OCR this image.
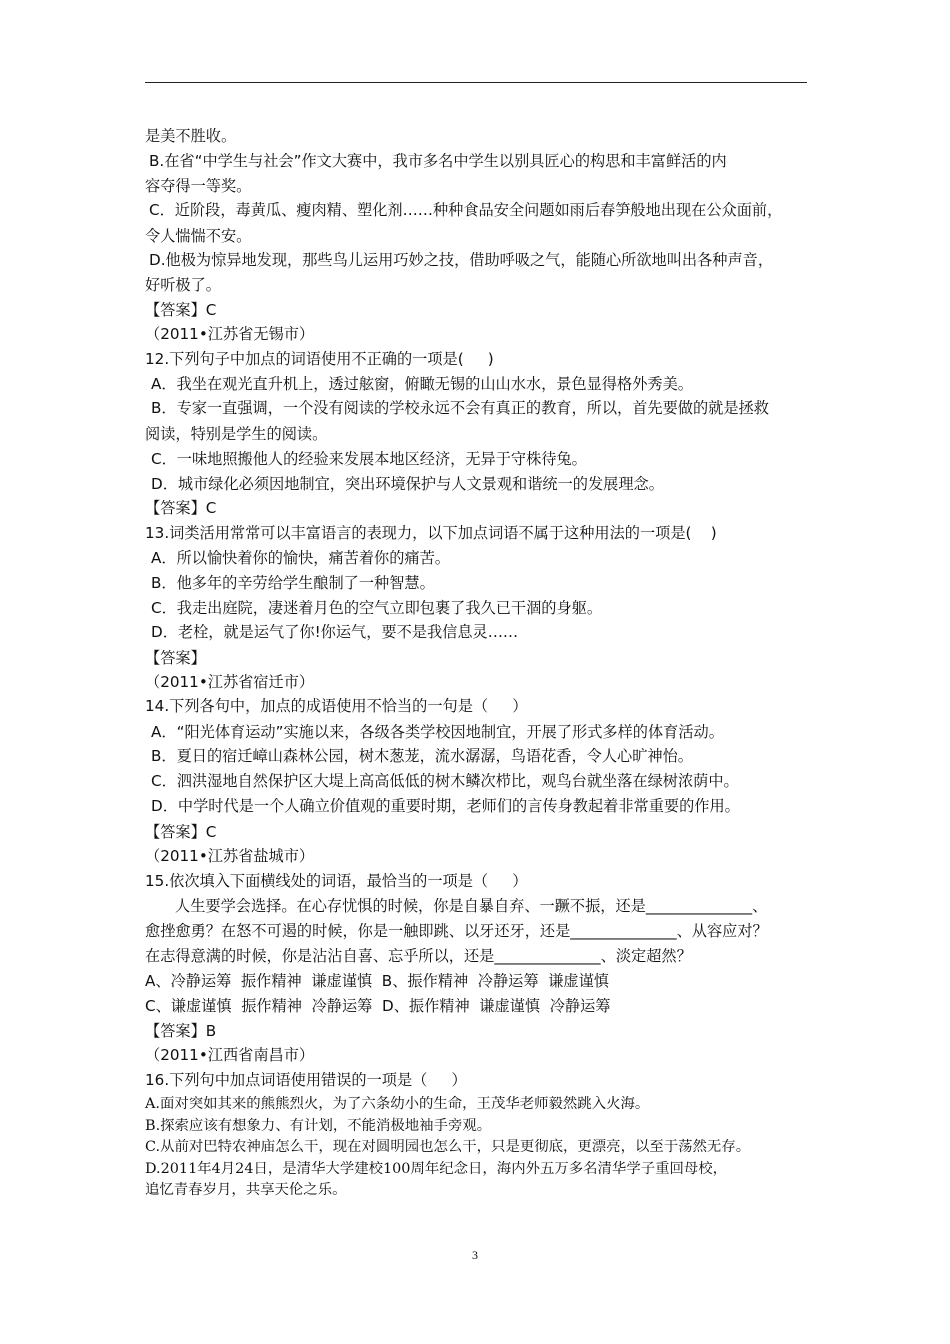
是美不胜收。
B.在省“中学生与社会”作文大赛中，我市多名中学生以别具匠心的构思和丰富鲜活的内
容夺得一等奖。
C．近阶段，毒黄瓜、瘦肉精、塑化剂……种种食品安全问题如雨后春笋般地出现在公众面前，
令人惴惴不安。
D.他极为惊异地发现，那些鸟儿运用巧妙之技，借助呼吸之气，能随心所欲地叫出各种声音，
好听极了。
【答案】C
（2011•江苏省无锡市）
12.下列句子中加点的词语使用不正确的一项是(     )
A．我坐在观光直升机上，透过舷窗，俯瞰无锡的山山水水，景色显得格外秀美。
B．专家一直强调，一个没有阅读的学校永远不会有真正的教育，所以，首先要做的就是拯救
阅读，特别是学生的阅读。
C．一味地照搬他人的经验来发展本地区经济，无异于守株待兔。
D．城市绿化必须因地制宜，突出环境保护与人文景观和谐统一的发展理念。
【答案】C
13.词类活用常常可以丰富语言的表现力，以下加点词语不属于这种用法的一项是(    )
A．所以愉快着你的愉快，痛苦着你的痛苦。
B．他多年的辛劳给学生酿制了一种智慧。
C．我走出庭院，凄迷着月色的空气立即包裹了我久已干涸的身躯。
D．老栓，就是运气了你!你运气，要不是我信息灵……
【答案】
（2011•江苏省宿迁市）
14.下列各句中，加点的成语使用不恰当的一句是（     ）
A．“阳光体育运动”实施以来，各级各类学校因地制宜，开展了形式多样的体育活动。
B．夏日的宿迁嶂山森林公园，树木葱茏，流水潺潺，鸟语花香，令人心旷神怡。
C．泗洪湿地自然保护区大堤上高高低低的树木鳞次栉比，观鸟台就坐落在绿树浓荫中。
D．中学时代是一个人确立价值观的重要时期，老师们的言传身教起着非常重要的作用。
【答案】C
（2011•江苏省盐城市）
15.依次填入下面横线处的词语，最恰当的一项是（     ）
人生要学会选择。在心存忧惧的时候，你是自暴自弃、一蹶不振，还是______________、
愈挫愈勇？在怒不可遏的时候，你是一触即跳、以牙还牙，还是______________、从容应对？
在志得意满的时候，你是沾沾自喜、忘乎所以，还是______________、淡定超然？
A、冷静运筹  振作精神  谦虚谨慎  B、振作精神  冷静运筹  谦虚谨慎
C、谦虚谨慎  振作精神  冷静运筹  D、振作精神  谦虚谨慎  冷静运筹
【答案】B
（2011•江西省南昌市）
16.下列句中加点词语使用错误的一项是（     ）
A.面对突如其来的熊熊烈火，为了六条幼小的生命，王茂华老师毅然跳入火海。
B.探索应该有想象力、有计划，不能消极地袖手旁观。
C.从前对巴特农神庙怎么干，现在对圆明园也怎么干，只是更彻底，更漂亮，以至于荡然无存。
D.2011年4月24日，是清华大学建校100周年纪念日，海内外五万多名清华学子重回母校，
追忆青春岁月，共享天伦之乐。
3
